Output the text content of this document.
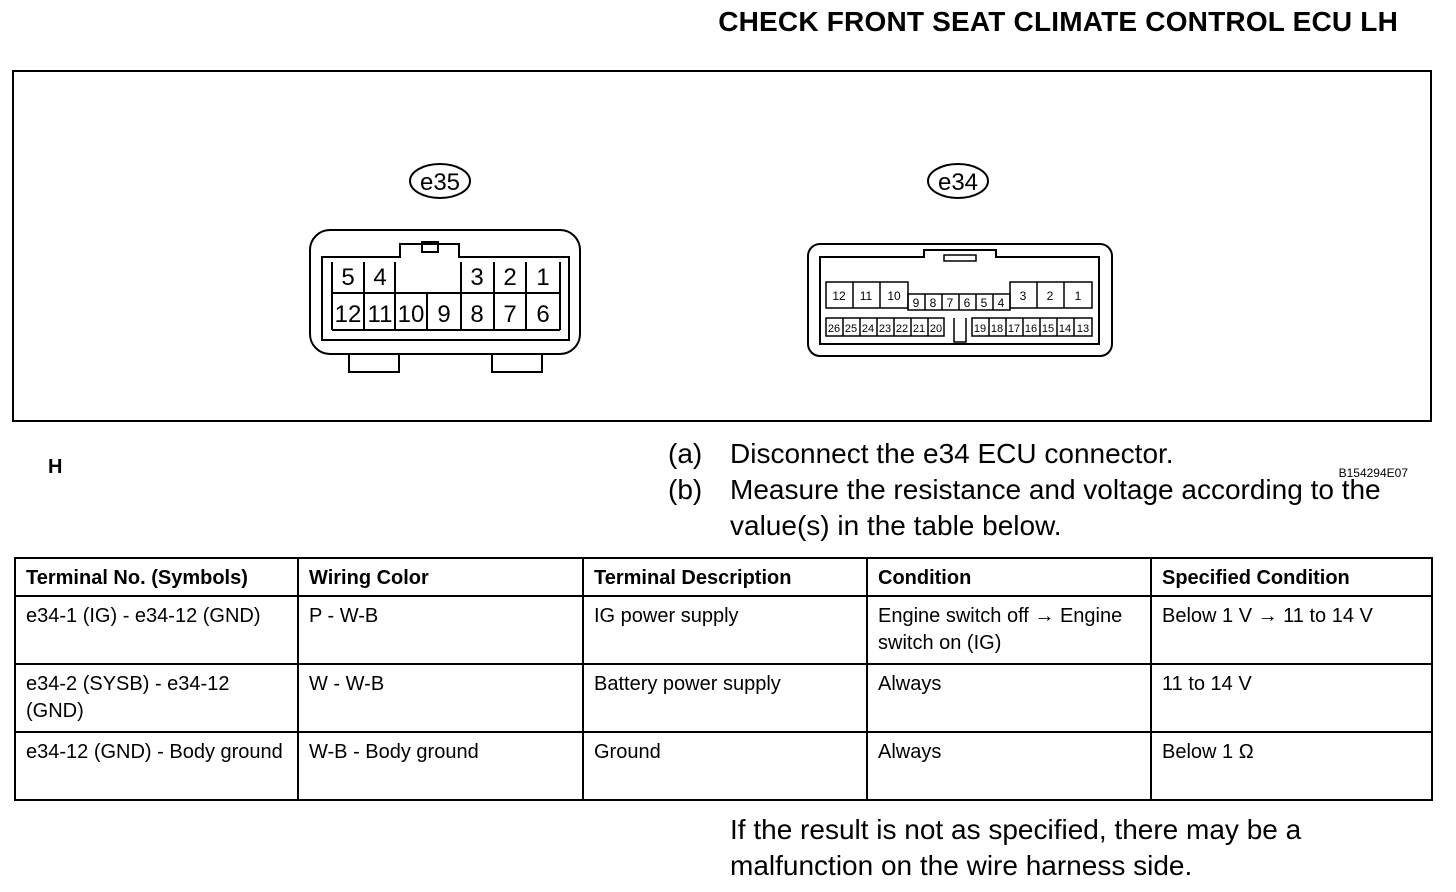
CHECK FRONT SEAT CLIMATE CONTROL ECU LH
e35
5 4	3 2 1
12 11 10 9 8 7 6
e34
12 11 10 9 8 7 6 5 4 3 2 1
26 25 24 23 22 21 20	19 18 17 16 15 14 13
H	B154294E07
(a) Disconnect the e34 ECU connector.
(b) Measure the resistance and voltage according to the value(s) in the table below.
Terminal No. (Symbols)	Wiring Color	Terminal Description	Condition	Specified Condition
e34-1 (IG) - e34-12 (GND)	P - W-B	IG power supply	Engine switch off → Engine switch on (IG)	Below 1 V → 11 to 14 V
e34-2 (SYSB) - e34-12 (GND)	W - W-B	Battery power supply	Always	11 to 14 V
e34-12 (GND) - Body ground	W-B - Body ground	Ground	Always	Below 1 Ω
If the result is not as specified, there may be a malfunction on the wire harness side.
